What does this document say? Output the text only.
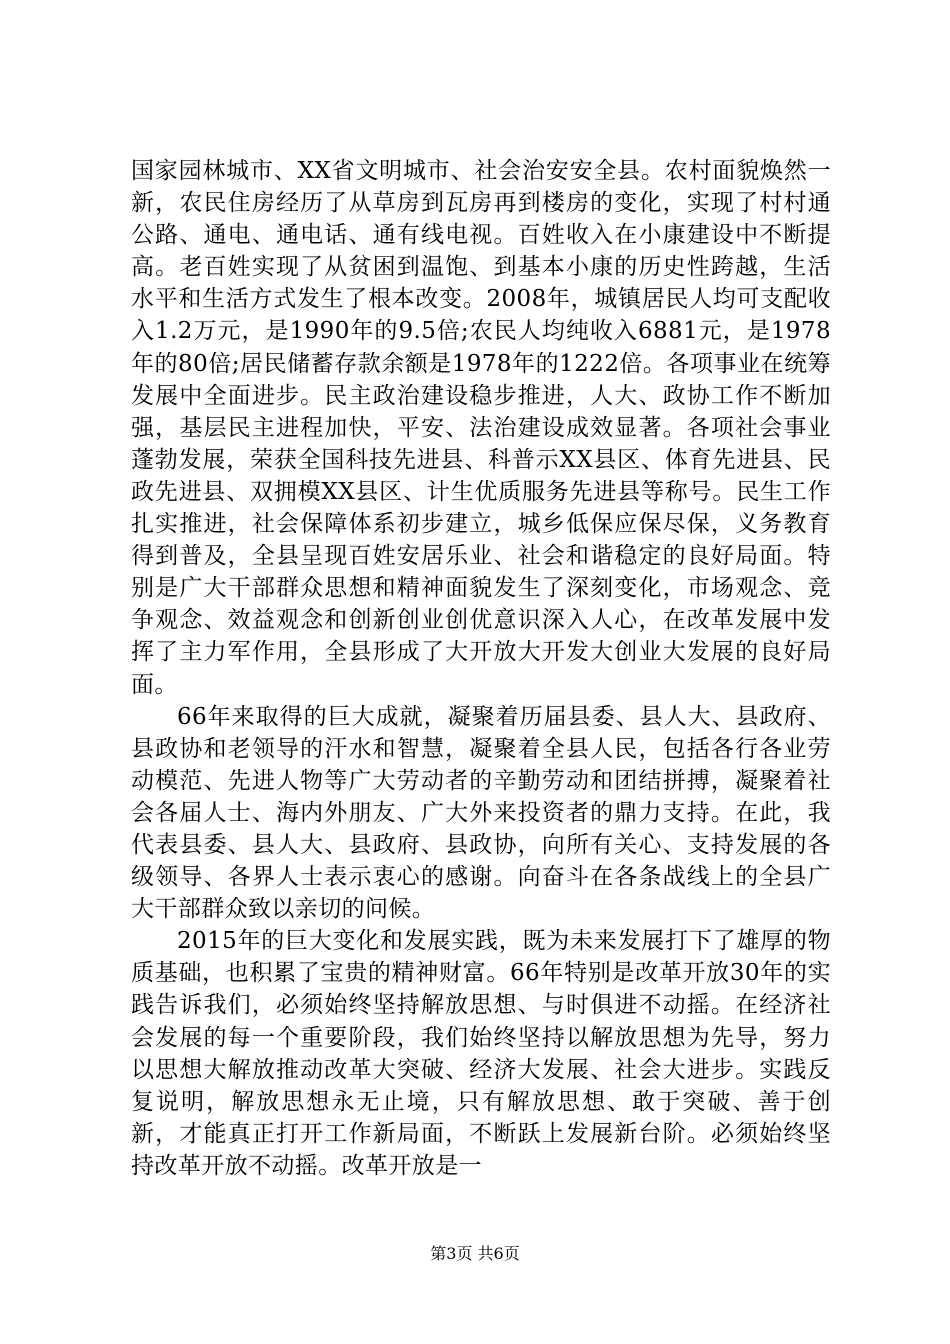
国家园林城市、XX省文明城市、社会治安安全县。农村面貌焕然一新，农民住房经历了从草房到瓦房再到楼房的变化，实现了村村通公路、通电、通电话、通有线电视。百姓收入在小康建设中不断提高。老百姓实现了从贫困到温饱、到基本小康的历史性跨越，生活水平和生活方式发生了根本改变。2008年，城镇居民人均可支配收入1.2万元，是1990年的9.5倍;农民人均纯收入6881元，是1978年的80倍;居民储蓄存款余额是1978年的1222倍。各项事业在统筹发展中全面进步。民主政治建设稳步推进，人大、政协工作不断加强，基层民主进程加快，平安、法治建设成效显著。各项社会事业蓬勃发展，荣获全国科技先进县、科普示XX县区、体育先进县、民政先进县、双拥模XX县区、计生优质服务先进县等称号。民生工作扎实推进，社会保障体系初步建立，城乡低保应保尽保，义务教育得到普及，全县呈现百姓安居乐业、社会和谐稳定的良好局面。特别是广大干部群众思想和精神面貌发生了深刻变化，市场观念、竞争观念、效益观念和创新创业创优意识深入人心，在改革发展中发挥了主力军作用，全县形成了大开放大开发大创业大发展的良好局面。

66年来取得的巨大成就，凝聚着历届县委、县人大、县政府、县政协和老领导的汗水和智慧，凝聚着全县人民，包括各行各业劳动模范、先进人物等广大劳动者的辛勤劳动和团结拼搏，凝聚着社会各届人士、海内外朋友、广大外来投资者的鼎力支持。在此，我代表县委、县人大、县政府、县政协，向所有关心、支持发展的各级领导、各界人士表示衷心的感谢。向奋斗在各条战线上的全县广大干部群众致以亲切的问候。

2015年的巨大变化和发展实践，既为未来发展打下了雄厚的物质基础，也积累了宝贵的精神财富。66年特别是改革开放30年的实践告诉我们，必须始终坚持解放思想、与时俱进不动摇。在经济社会发展的每一个重要阶段，我们始终坚持以解放思想为先导，努力以思想大解放推动改革大突破、经济大发展、社会大进步。实践反复说明，解放思想永无止境，只有解放思想、敢于突破、善于创新，才能真正打开工作新局面，不断跃上发展新台阶。必须始终坚持改革开放不动摇。改革开放是一

第3页 共6页
